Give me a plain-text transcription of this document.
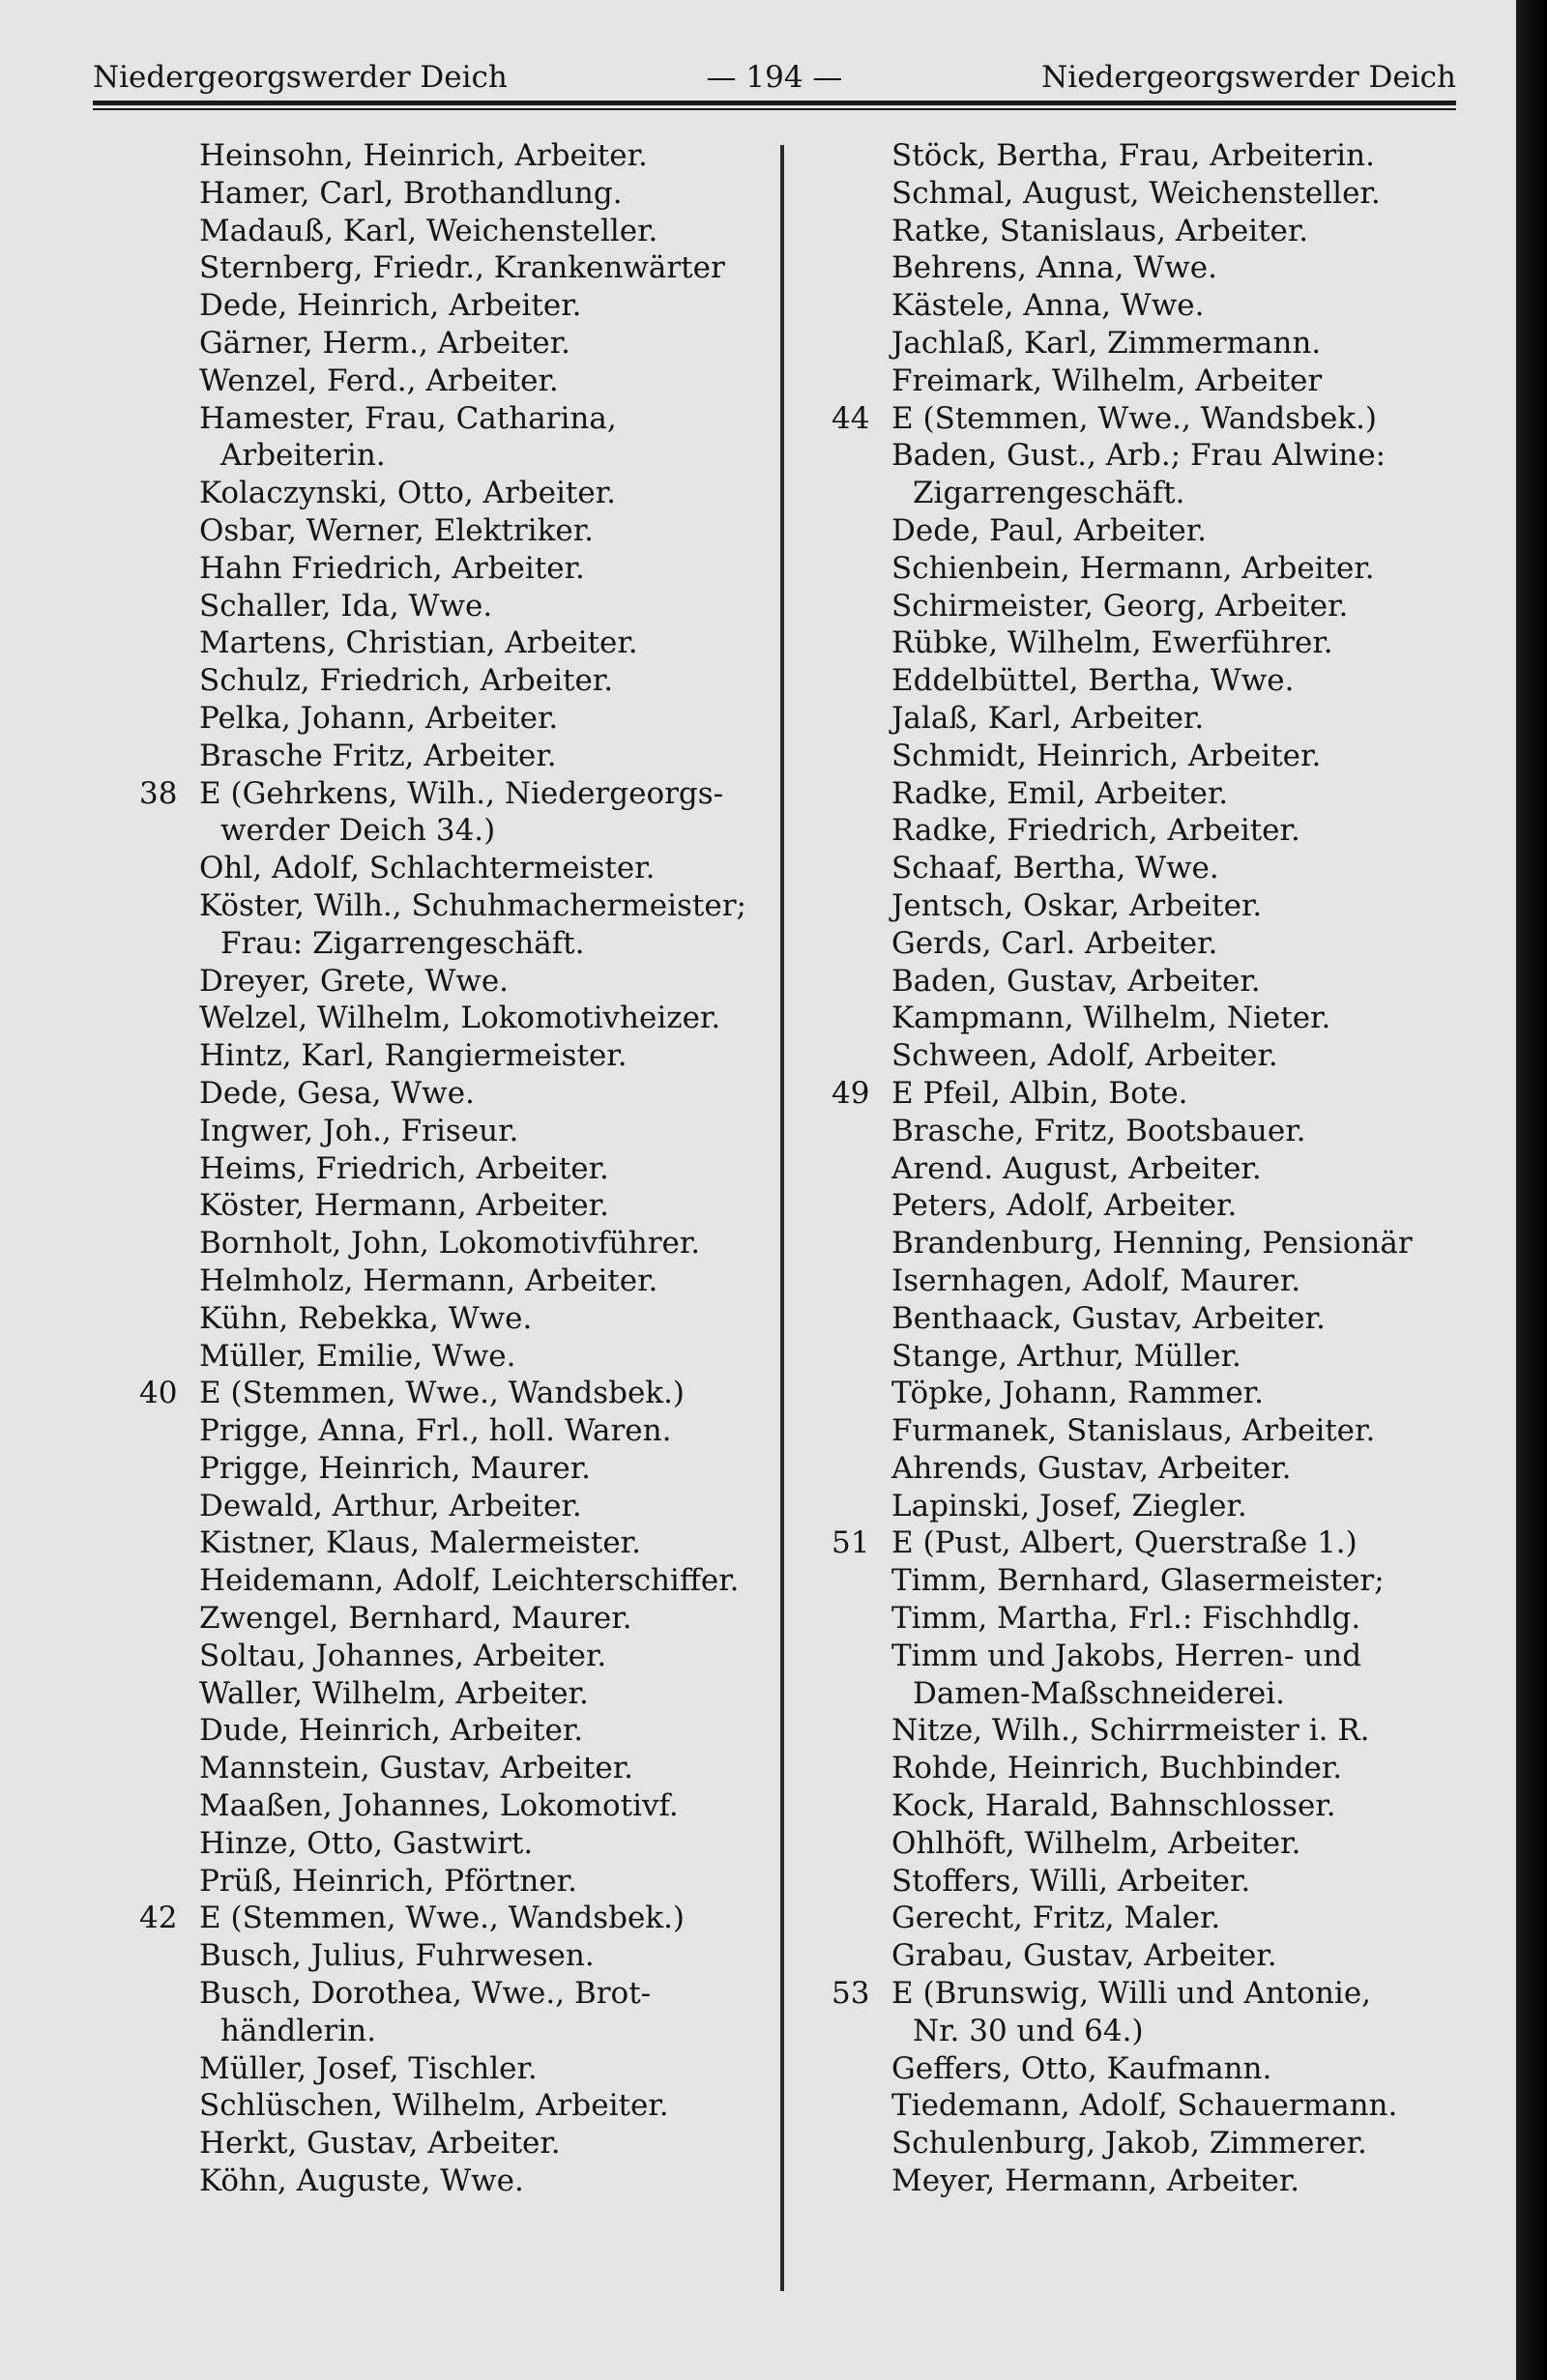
Niedergeorgswerder Deich	— 194 —	Niedergeorgswerder Deich
Heinsohn, Heinrich, Arbeiter.
Hamer, Carl, Brothandlung.
Madauß, Karl, Weichensteller.
Sternberg, Friedr., Krankenwärter
Dede, Heinrich, Arbeiter.
Gärner, Herm., Arbeiter.
Wenzel, Ferd., Arbeiter.
Hamester, Frau, Catharina,
Arbeiterin.
Kolaczynski, Otto, Arbeiter.
Osbar, Werner, Elektriker.
Hahn Friedrich, Arbeiter.
Schaller, Ida, Wwe.
Martens, Christian, Arbeiter.
Schulz, Friedrich, Arbeiter.
Pelka, Johann, Arbeiter.
Brasche Fritz, Arbeiter.
38 E (Gehrkens, Wilh., Niedergeorgs-
werder Deich 34.)
Ohl, Adolf, Schlachtermeister.
Köster, Wilh., Schuhmachermeister;
Frau: Zigarrengeschäft.
Dreyer, Grete, Wwe.
Welzel, Wilhelm, Lokomotivheizer.
Hintz, Karl, Rangiermeister.
Dede, Gesa, Wwe.
Ingwer, Joh., Friseur.
Heims, Friedrich, Arbeiter.
Köster, Hermann, Arbeiter.
Bornholt, John, Lokomotivführer.
Helmholz, Hermann, Arbeiter.
Kühn, Rebekka, Wwe.
Müller, Emilie, Wwe.
40 E (Stemmen, Wwe., Wandsbek.)
Prigge, Anna, Frl., holl. Waren.
Prigge, Heinrich, Maurer.
Dewald, Arthur, Arbeiter.
Kistner, Klaus, Malermeister.
Heidemann, Adolf, Leichterschiffer.
Zwengel, Bernhard, Maurer.
Soltau, Johannes, Arbeiter.
Waller, Wilhelm, Arbeiter.
Dude, Heinrich, Arbeiter.
Mannstein, Gustav, Arbeiter.
Maaßen, Johannes, Lokomotivf.
Hinze, Otto, Gastwirt.
Prüß, Heinrich, Pförtner.
42 E (Stemmen, Wwe., Wandsbek.)
Busch, Julius, Fuhrwesen.
Busch, Dorothea, Wwe., Brot-
händlerin.
Müller, Josef, Tischler.
Schlüschen, Wilhelm, Arbeiter.
Herkt, Gustav, Arbeiter.
Köhn, Auguste, Wwe.
Stöck, Bertha, Frau, Arbeiterin.
Schmal, August, Weichensteller.
Ratke, Stanislaus, Arbeiter.
Behrens, Anna, Wwe.
Kästele, Anna, Wwe.
Jachlaß, Karl, Zimmermann.
Freimark, Wilhelm, Arbeiter
44 E (Stemmen, Wwe., Wandsbek.)
Baden, Gust., Arb.; Frau Alwine:
Zigarrengeschäft.
Dede, Paul, Arbeiter.
Schienbein, Hermann, Arbeiter.
Schirmeister, Georg, Arbeiter.
Rübke, Wilhelm, Ewerführer.
Eddelbüttel, Bertha, Wwe.
Jalaß, Karl, Arbeiter.
Schmidt, Heinrich, Arbeiter.
Radke, Emil, Arbeiter.
Radke, Friedrich, Arbeiter.
Schaaf, Bertha, Wwe.
Jentsch, Oskar, Arbeiter.
Gerds, Carl. Arbeiter.
Baden, Gustav, Arbeiter.
Kampmann, Wilhelm, Nieter.
Schween, Adolf, Arbeiter.
49 E Pfeil, Albin, Bote.
Brasche, Fritz, Bootsbauer.
Arend. August, Arbeiter.
Peters, Adolf, Arbeiter.
Brandenburg, Henning, Pensionär
Isernhagen, Adolf, Maurer.
Benthaack, Gustav, Arbeiter.
Stange, Arthur, Müller.
Töpke, Johann, Rammer.
Furmanek, Stanislaus, Arbeiter.
Ahrends, Gustav, Arbeiter.
Lapinski, Josef, Ziegler.
51 E (Pust, Albert, Querstraße 1.)
Timm, Bernhard, Glasermeister;
Timm, Martha, Frl.: Fischhdlg.
Timm und Jakobs, Herren- und
Damen-Maßschneiderei.
Nitze, Wilh., Schirrmeister i. R.
Rohde, Heinrich, Buchbinder.
Kock, Harald, Bahnschlosser.
Ohlhöft, Wilhelm, Arbeiter.
Stoffers, Willi, Arbeiter.
Gerecht, Fritz, Maler.
Grabau, Gustav, Arbeiter.
53 E (Brunswig, Willi und Antonie,
Nr. 30 und 64.)
Geffers, Otto, Kaufmann.
Tiedemann, Adolf, Schauermann.
Schulenburg, Jakob, Zimmerer.
Meyer, Hermann, Arbeiter.
